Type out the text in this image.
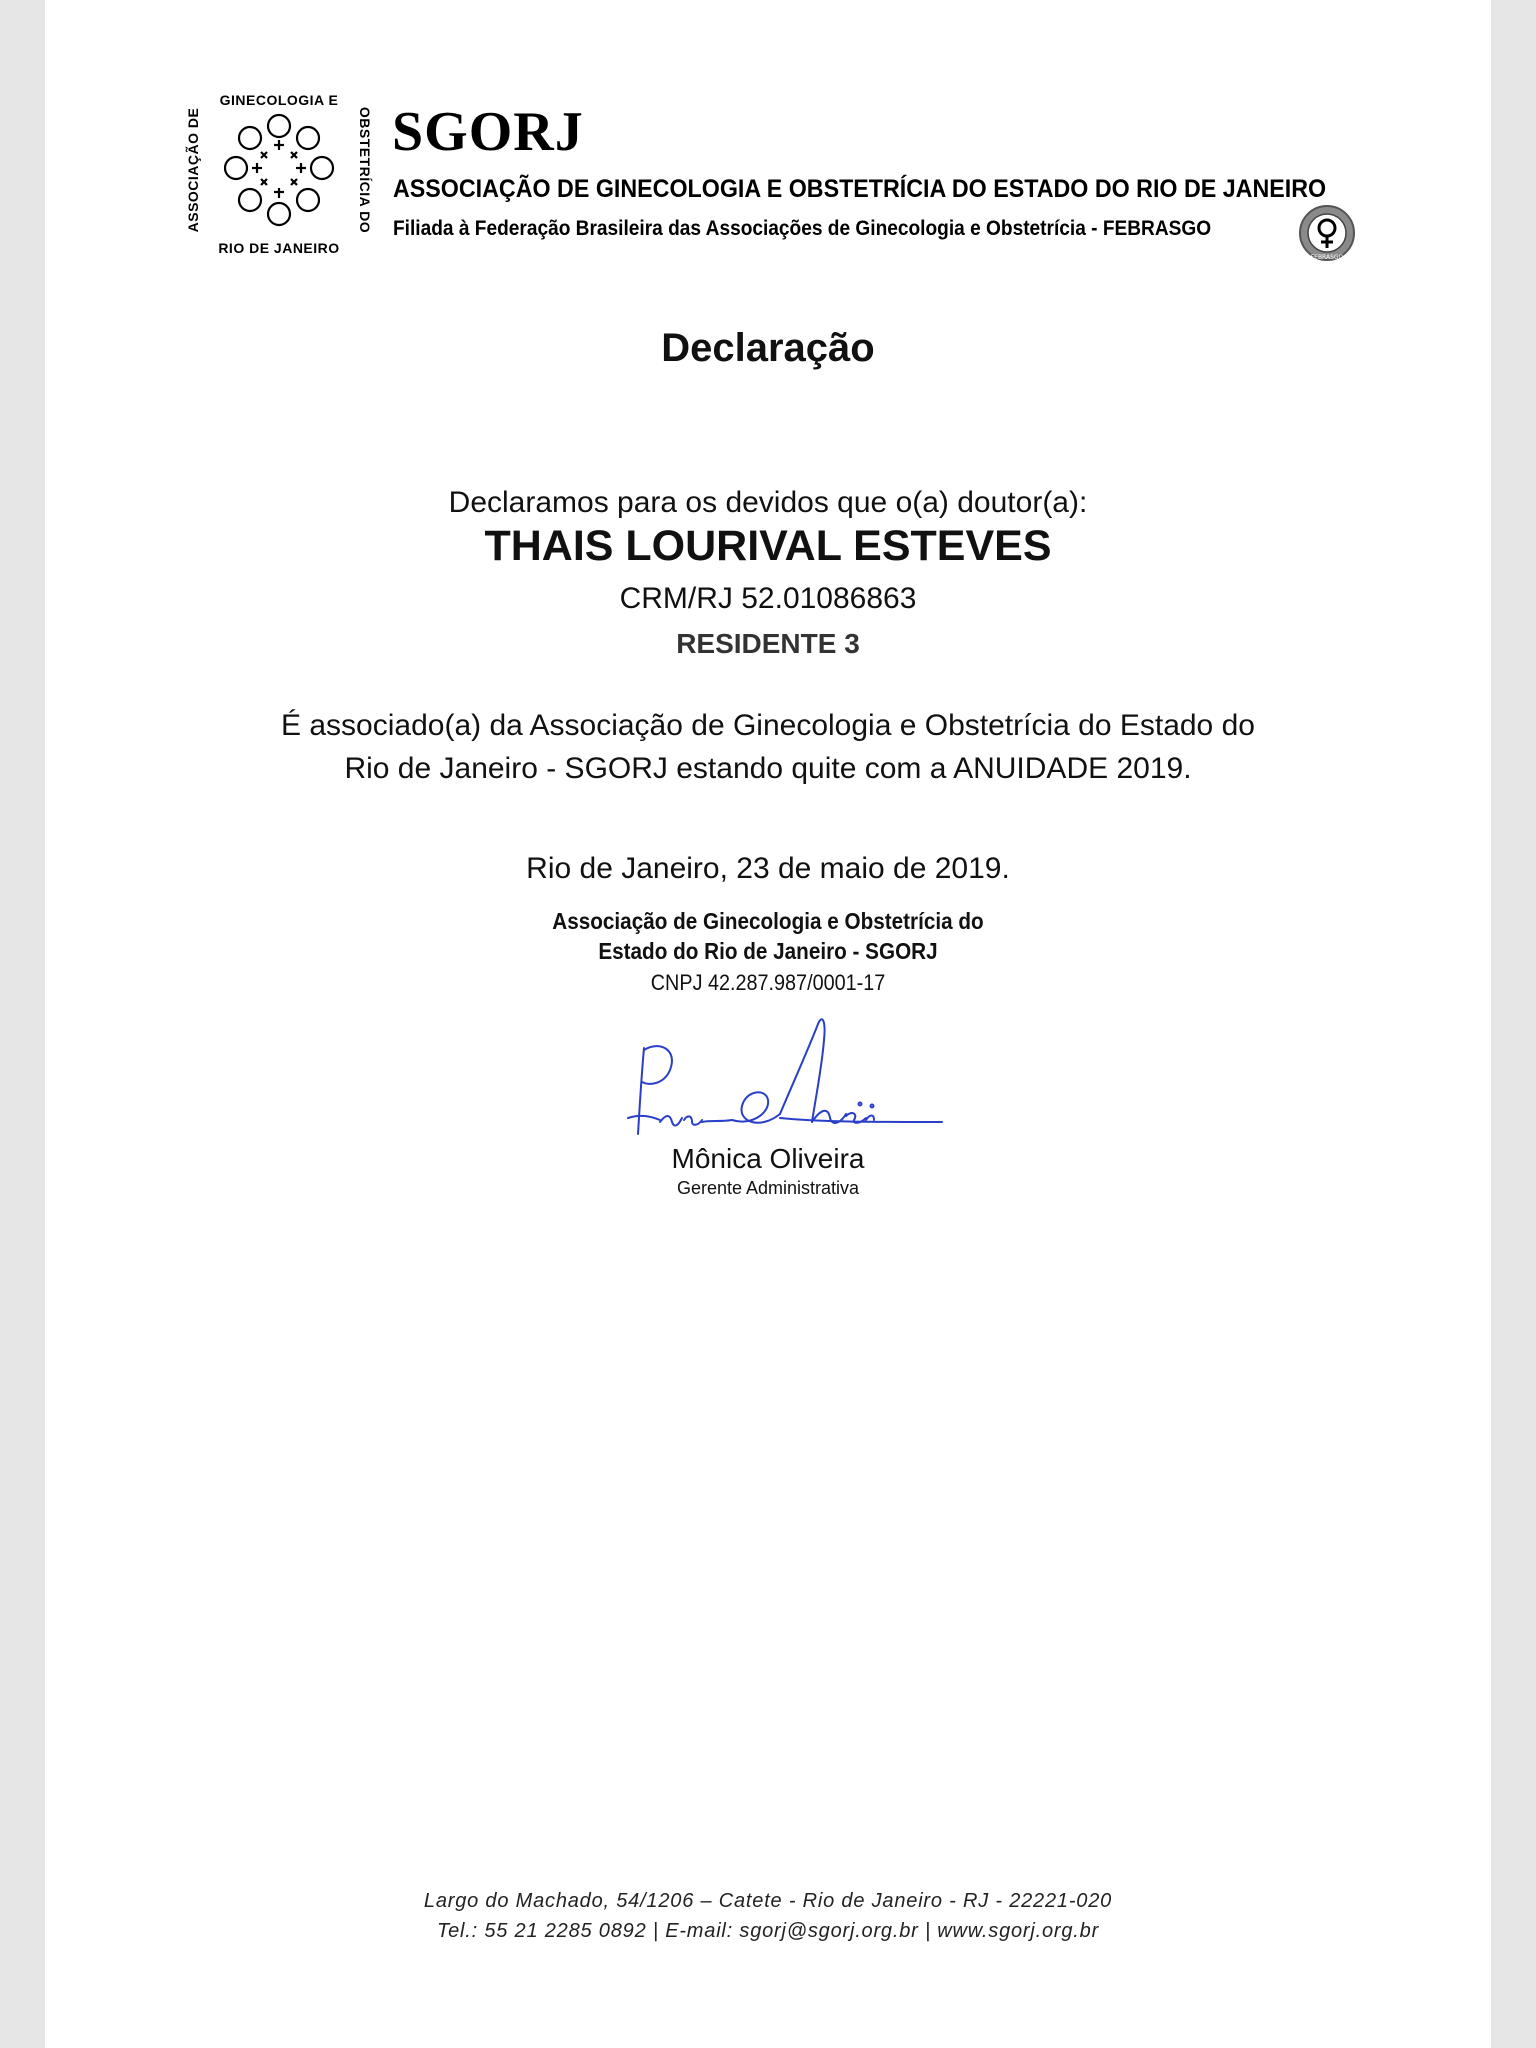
GINECOLOGIA E
OBSTETRÍCIA DO
RIO DE JANEIRO
ASSOCIAÇÃO DE	SGORJ
ASSOCIAÇÃO DE GINECOLOGIA E OBSTETRÍCIA DO ESTADO DO RIO DE JANEIRO
Filiada à Federação Brasileira das Associações de Ginecologia e Obstetrícia - FEBRASGO
FEBRASGO
Declaração
Declaramos para os devidos que o(a) doutor(a):
THAIS LOURIVAL ESTEVES
CRM/RJ 52.01086863
RESIDENTE 3
É associado(a) da Associação de Ginecologia e Obstetrícia do Estado do
Rio de Janeiro - SGORJ estando quite com a ANUIDADE 2019.
Rio de Janeiro, 23 de maio de 2019.
Associação de Ginecologia e Obstetrícia do
Estado do Rio de Janeiro - SGORJ
CNPJ 42.287.987/0001-17
Mônica Oliveira
Gerente Administrativa
Largo do Machado, 54/1206 – Catete - Rio de Janeiro - RJ - 22221-020
Tel.: 55 21 2285 0892 | E-mail: sgorj@sgorj.org.br | www.sgorj.org.br
